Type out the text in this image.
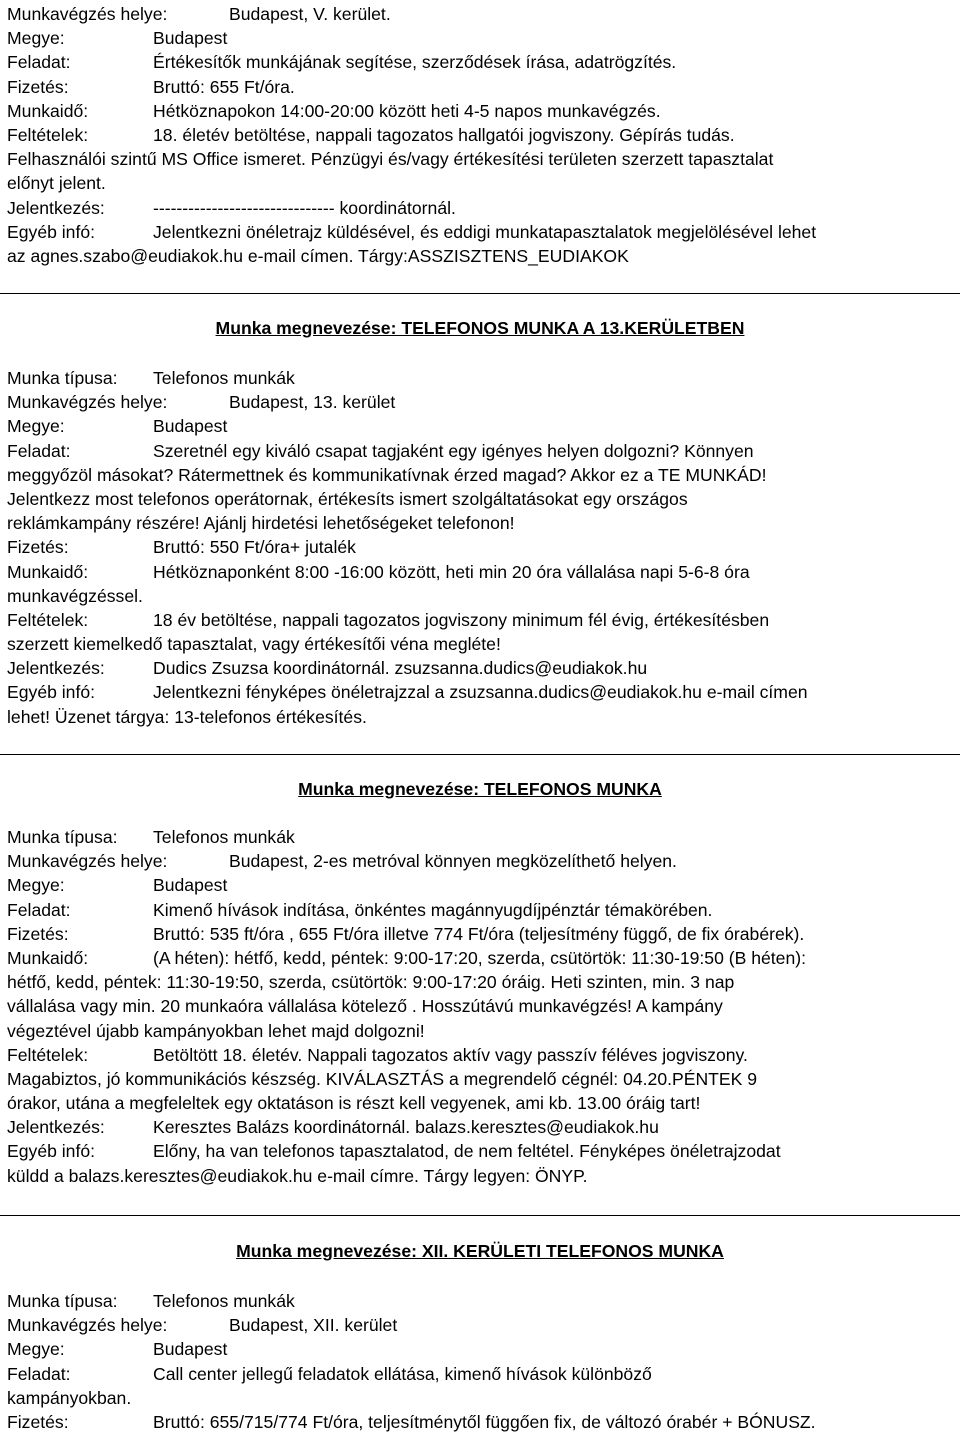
Munkavégzés helye:	Budapest, V. kerület.
Megye:	Budapest
Feladat:	Értékesítők munkájának segítése, szerződések írása, adatrögzítés.
Fizetés:	Bruttó: 655 Ft/óra.
Munkaidő:	Hétköznapokon 14:00-20:00 között heti 4-5 napos munkavégzés.
Feltételek:	18. életév betöltése, nappali tagozatos hallgatói jogviszony. Gépírás tudás.
Felhasználói szintű MS Office ismeret. Pénzügyi és/vagy értékesítési területen szerzett tapasztalat
előnyt jelent.
Jelentkezés:	------------------------------- koordinátornál.
Egyéb infó:	Jelentkezni önéletrajz küldésével, és eddigi munkatapasztalatok megjelölésével lehet
az agnes.szabo@eudiakok.hu e-mail címen. Tárgy:ASSZISZTENS_EUDIAKOK
Munka megnevezése: TELEFONOS MUNKA A 13.KERÜLETBEN
Munka típusa: Telefonos munkák
Munkavégzés helye:	Budapest, 13. kerület
Megye:	Budapest
Feladat:	Szeretnél egy kiváló csapat tagjaként egy igényes helyen dolgozni? Könnyen
meggyőzöl másokat? Rátermettnek és kommunikatívnak érzed magad? Akkor ez a TE MUNKÁD!
Jelentkezz most telefonos operátornak, értékesíts ismert szolgáltatásokat egy országos
reklámkampány részére! Ajánlj hirdetési lehetőségeket telefonon!
Fizetés:	Bruttó: 550 Ft/óra+ jutalék
Munkaidő:	Hétköznaponként 8:00 -16:00 között, heti min 20 óra vállalása napi 5-6-8 óra
munkavégzéssel.
Feltételek:	18 év betöltése, nappali tagozatos jogviszony minimum fél évig, értékesítésben
szerzett kiemelkedő tapasztalat, vagy értékesítői véna megléte!
Jelentkezés:	Dudics Zsuzsa koordinátornál. zsuzsanna.dudics@eudiakok.hu
Egyéb infó:	Jelentkezni fényképes önéletrajzzal a zsuzsanna.dudics@eudiakok.hu e-mail címen
lehet! Üzenet tárgya: 13-telefonos értékesítés.
Munka megnevezése: TELEFONOS MUNKA
Munka típusa: Telefonos munkák
Munkavégzés helye:	Budapest, 2-es metróval könnyen megközelíthető helyen.
Megye:	Budapest
Feladat:	Kimenő hívások indítása, önkéntes magánnyugdíjpénztár témakörében.
Fizetés:	Bruttó: 535 ft/óra , 655 Ft/óra illetve 774 Ft/óra (teljesítmény függő, de fix órabérek).
Munkaidő:	(A héten): hétfő, kedd, péntek: 9:00-17:20, szerda, csütörtök: 11:30-19:50 (B héten):
hétfő, kedd, péntek: 11:30-19:50, szerda, csütörtök: 9:00-17:20 óráig. Heti szinten, min. 3 nap
vállalása vagy min. 20 munkaóra vállalása kötelező . Hosszútávú munkavégzés! A kampány
végeztével újabb kampányokban lehet majd dolgozni!
Feltételek:	Betöltött 18. életév. Nappali tagozatos aktív vagy passzív féléves jogviszony.
Magabiztos, jó kommunikációs készség. KIVÁLASZTÁS a megrendelő cégnél: 04.20.PÉNTEK 9
órakor, utána a megfeleltek egy oktatáson is részt kell vegyenek, ami kb. 13.00 óráig tart!
Jelentkezés:	Keresztes Balázs koordinátornál. balazs.keresztes@eudiakok.hu
Egyéb infó:	Előny, ha van telefonos tapasztalatod, de nem feltétel. Fényképes önéletrajzodat
küldd a balazs.keresztes@eudiakok.hu e-mail címre. Tárgy legyen: ÖNYP.
Munka megnevezése: XII. KERÜLETI TELEFONOS MUNKA
Munka típusa: Telefonos munkák
Munkavégzés helye:	Budapest, XII. kerület
Megye:	Budapest
Feladat:	Call center jellegű feladatok ellátása, kimenő hívások különböző
kampányokban.
Fizetés:	Bruttó: 655/715/774 Ft/óra, teljesítménytől függően fix, de változó órabér + BÓNUSZ.
